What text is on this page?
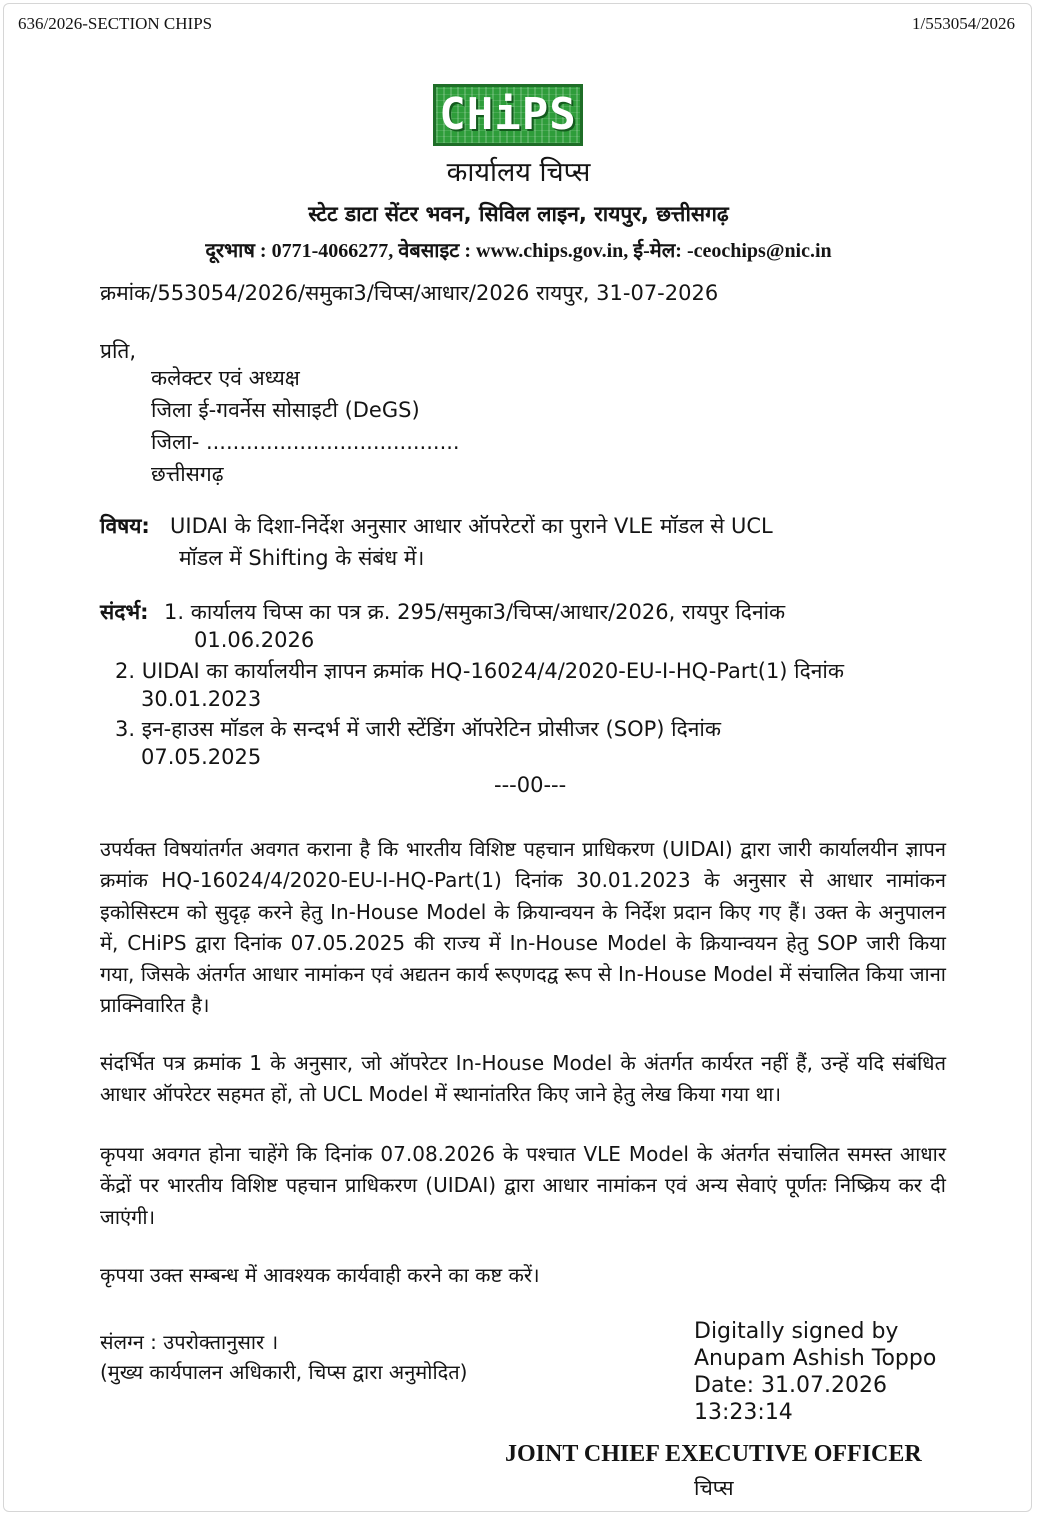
636/2026-SECTION CHIPS	1/553054/2026
CHiPS
कार्यालय चिप्स
स्टेट डाटा सेंटर भवन, सिविल लाइन, रायपुर, छत्तीसगढ़
दूरभाष : 0771-4066277, वेबसाइट : www.chips.gov.in, ई-मेल: -ceochips@nic.in
क्रमांक/553054/2026/समुका3/चिप्स/आधार/2026 रायपुर, 31-07-2026
प्रति,
कलेक्टर एवं अध्यक्ष
जिला ई-गवर्नेस सोसाइटी (DeGS)
जिला- ......................................
छत्तीसगढ़
विषय: UIDAI के दिशा-निर्देश अनुसार आधार ऑपरेटरों का पुराने VLE मॉडल से UCL
मॉडल में Shifting के संबंध में।
संदर्भ: 1. कार्यालय चिप्स का पत्र क्र. 295/समुका3/चिप्स/आधार/2026, रायपुर दिनांक
01.06.2026
2. UIDAI का कार्यालयीन ज्ञापन क्रमांक HQ-16024/4/2020-EU-I-HQ-Part(1) दिनांक
30.01.2023
3. इन-हाउस मॉडल के सन्दर्भ में जारी स्टेंडिंग ऑपरेटिन प्रोसीजर (SOP) दिनांक
07.05.2025
---00---
उपर्यक्त विषयांतर्गत अवगत कराना है कि भारतीय विशिष्ट पहचान प्राधिकरण (UIDAI) द्वारा जारी कार्यालयीन ज्ञापन क्रमांक HQ-16024/4/2020-EU-I-HQ-Part(1) दिनांक 30.01.2023 के अनुसार से आधार नामांकन इकोसिस्टम को सुदृढ़ करने हेतु In-House Model के क्रियान्वयन के निर्देश प्रदान किए गए हैं। उक्त के अनुपालन में, CHiPS द्वारा दिनांक 07.05.2025 की राज्य में In-House Model के क्रियान्वयन हेतु SOP जारी किया गया, जिसके अंतर्गत आधार नामांकन एवं अद्यतन कार्य रूएणदद्व रूप से In-House Model में संचालित किया जाना प्राक्निवारित है।
संदर्भित पत्र क्रमांक 1 के अनुसार, जो ऑपरेटर In-House Model के अंतर्गत कार्यरत नहीं हैं, उन्हें यदि संबंधित आधार ऑपरेटर सहमत हों, तो UCL Model में स्थानांतरित किए जाने हेतु लेख किया गया था।
कृपया अवगत होना चाहेंगे कि दिनांक 07.08.2026 के पश्चात VLE Model के अंतर्गत संचालित समस्त आधार केंद्रों पर भारतीय विशिष्ट पहचान प्राधिकरण (UIDAI) द्वारा आधार नामांकन एवं अन्य सेवाएं पूर्णतः निष्क्रिय कर दी जाएंगी।
कृपया उक्त सम्बन्ध में आवश्यक कार्यवाही करने का कष्ट करें।
संलग्न : उपरोक्तानुसार ।
(मुख्य कार्यपालन अधिकारी, चिप्स द्वारा अनुमोदित)
Digitally signed by
Anupam Ashish Toppo
Date: 31.07.2026
13:23:14
JOINT CHIEF EXECUTIVE OFFICER
चिप्स
